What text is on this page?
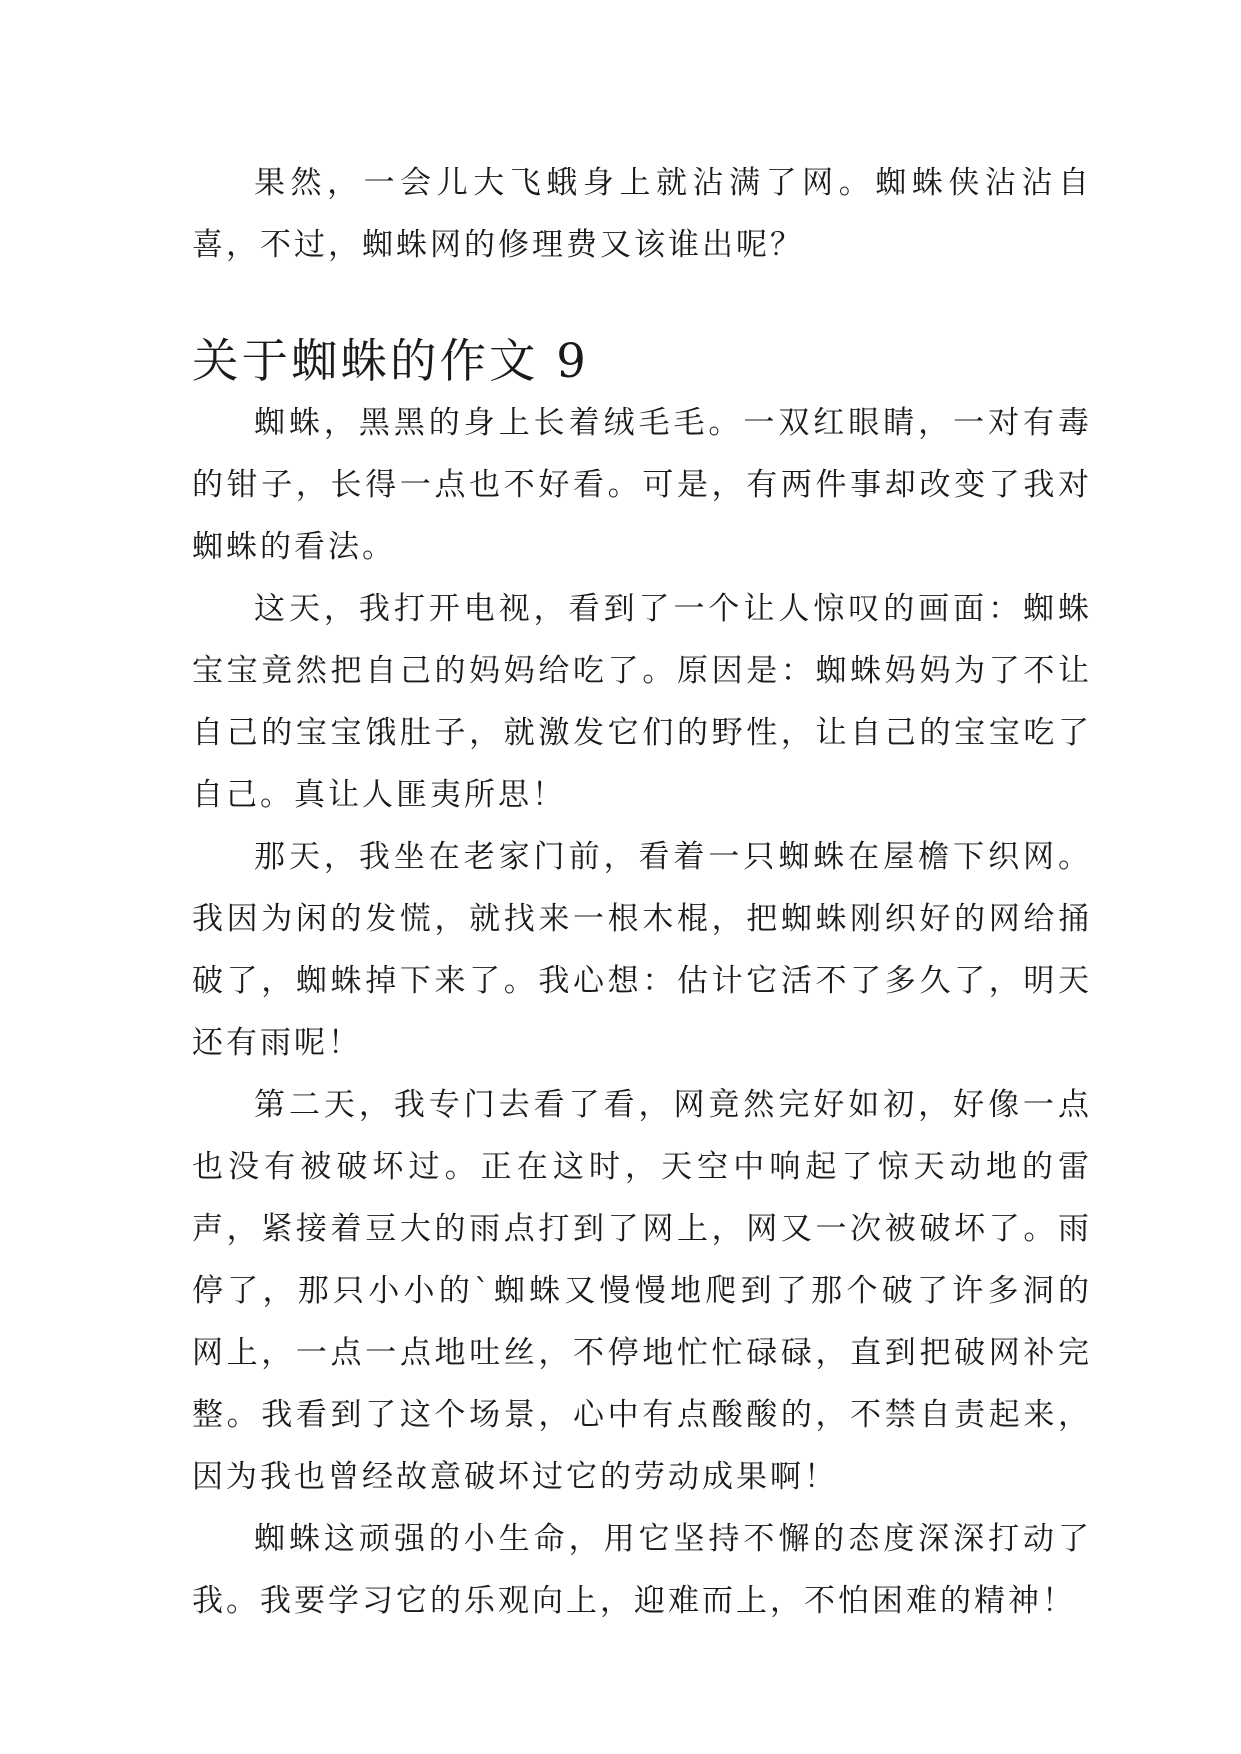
果然，一会儿大飞蛾身上就沾满了网。蜘蛛侠沾沾自喜，不过，蜘蛛网的修理费又该谁出呢？

关于蜘蛛的作文 9

蜘蛛，黑黑的身上长着绒毛毛。一双红眼睛，一对有毒的钳子，长得一点也不好看。可是，有两件事却改变了我对蜘蛛的看法。

这天，我打开电视，看到了一个让人惊叹的画面：蜘蛛宝宝竟然把自己的妈妈给吃了。原因是：蜘蛛妈妈为了不让自己的宝宝饿肚子，就激发它们的野性，让自己的宝宝吃了自己。真让人匪夷所思！

那天，我坐在老家门前，看着一只蜘蛛在屋檐下织网。我因为闲的发慌，就找来一根木棍，把蜘蛛刚织好的网给捅破了，蜘蛛掉下来了。我心想：估计它活不了多久了，明天还有雨呢！

第二天，我专门去看了看，网竟然完好如初，好像一点也没有被破坏过。正在这时，天空中响起了惊天动地的雷声，紧接着豆大的雨点打到了网上，网又一次被破坏了。雨停了，那只小小的`蜘蛛又慢慢地爬到了那个破了许多洞的网上，一点一点地吐丝，不停地忙忙碌碌，直到把破网补完整。我看到了这个场景，心中有点酸酸的，不禁自责起来，因为我也曾经故意破坏过它的劳动成果啊！

蜘蛛这顽强的小生命，用它坚持不懈的态度深深打动了我。我要学习它的乐观向上，迎难而上，不怕困难的精神！
